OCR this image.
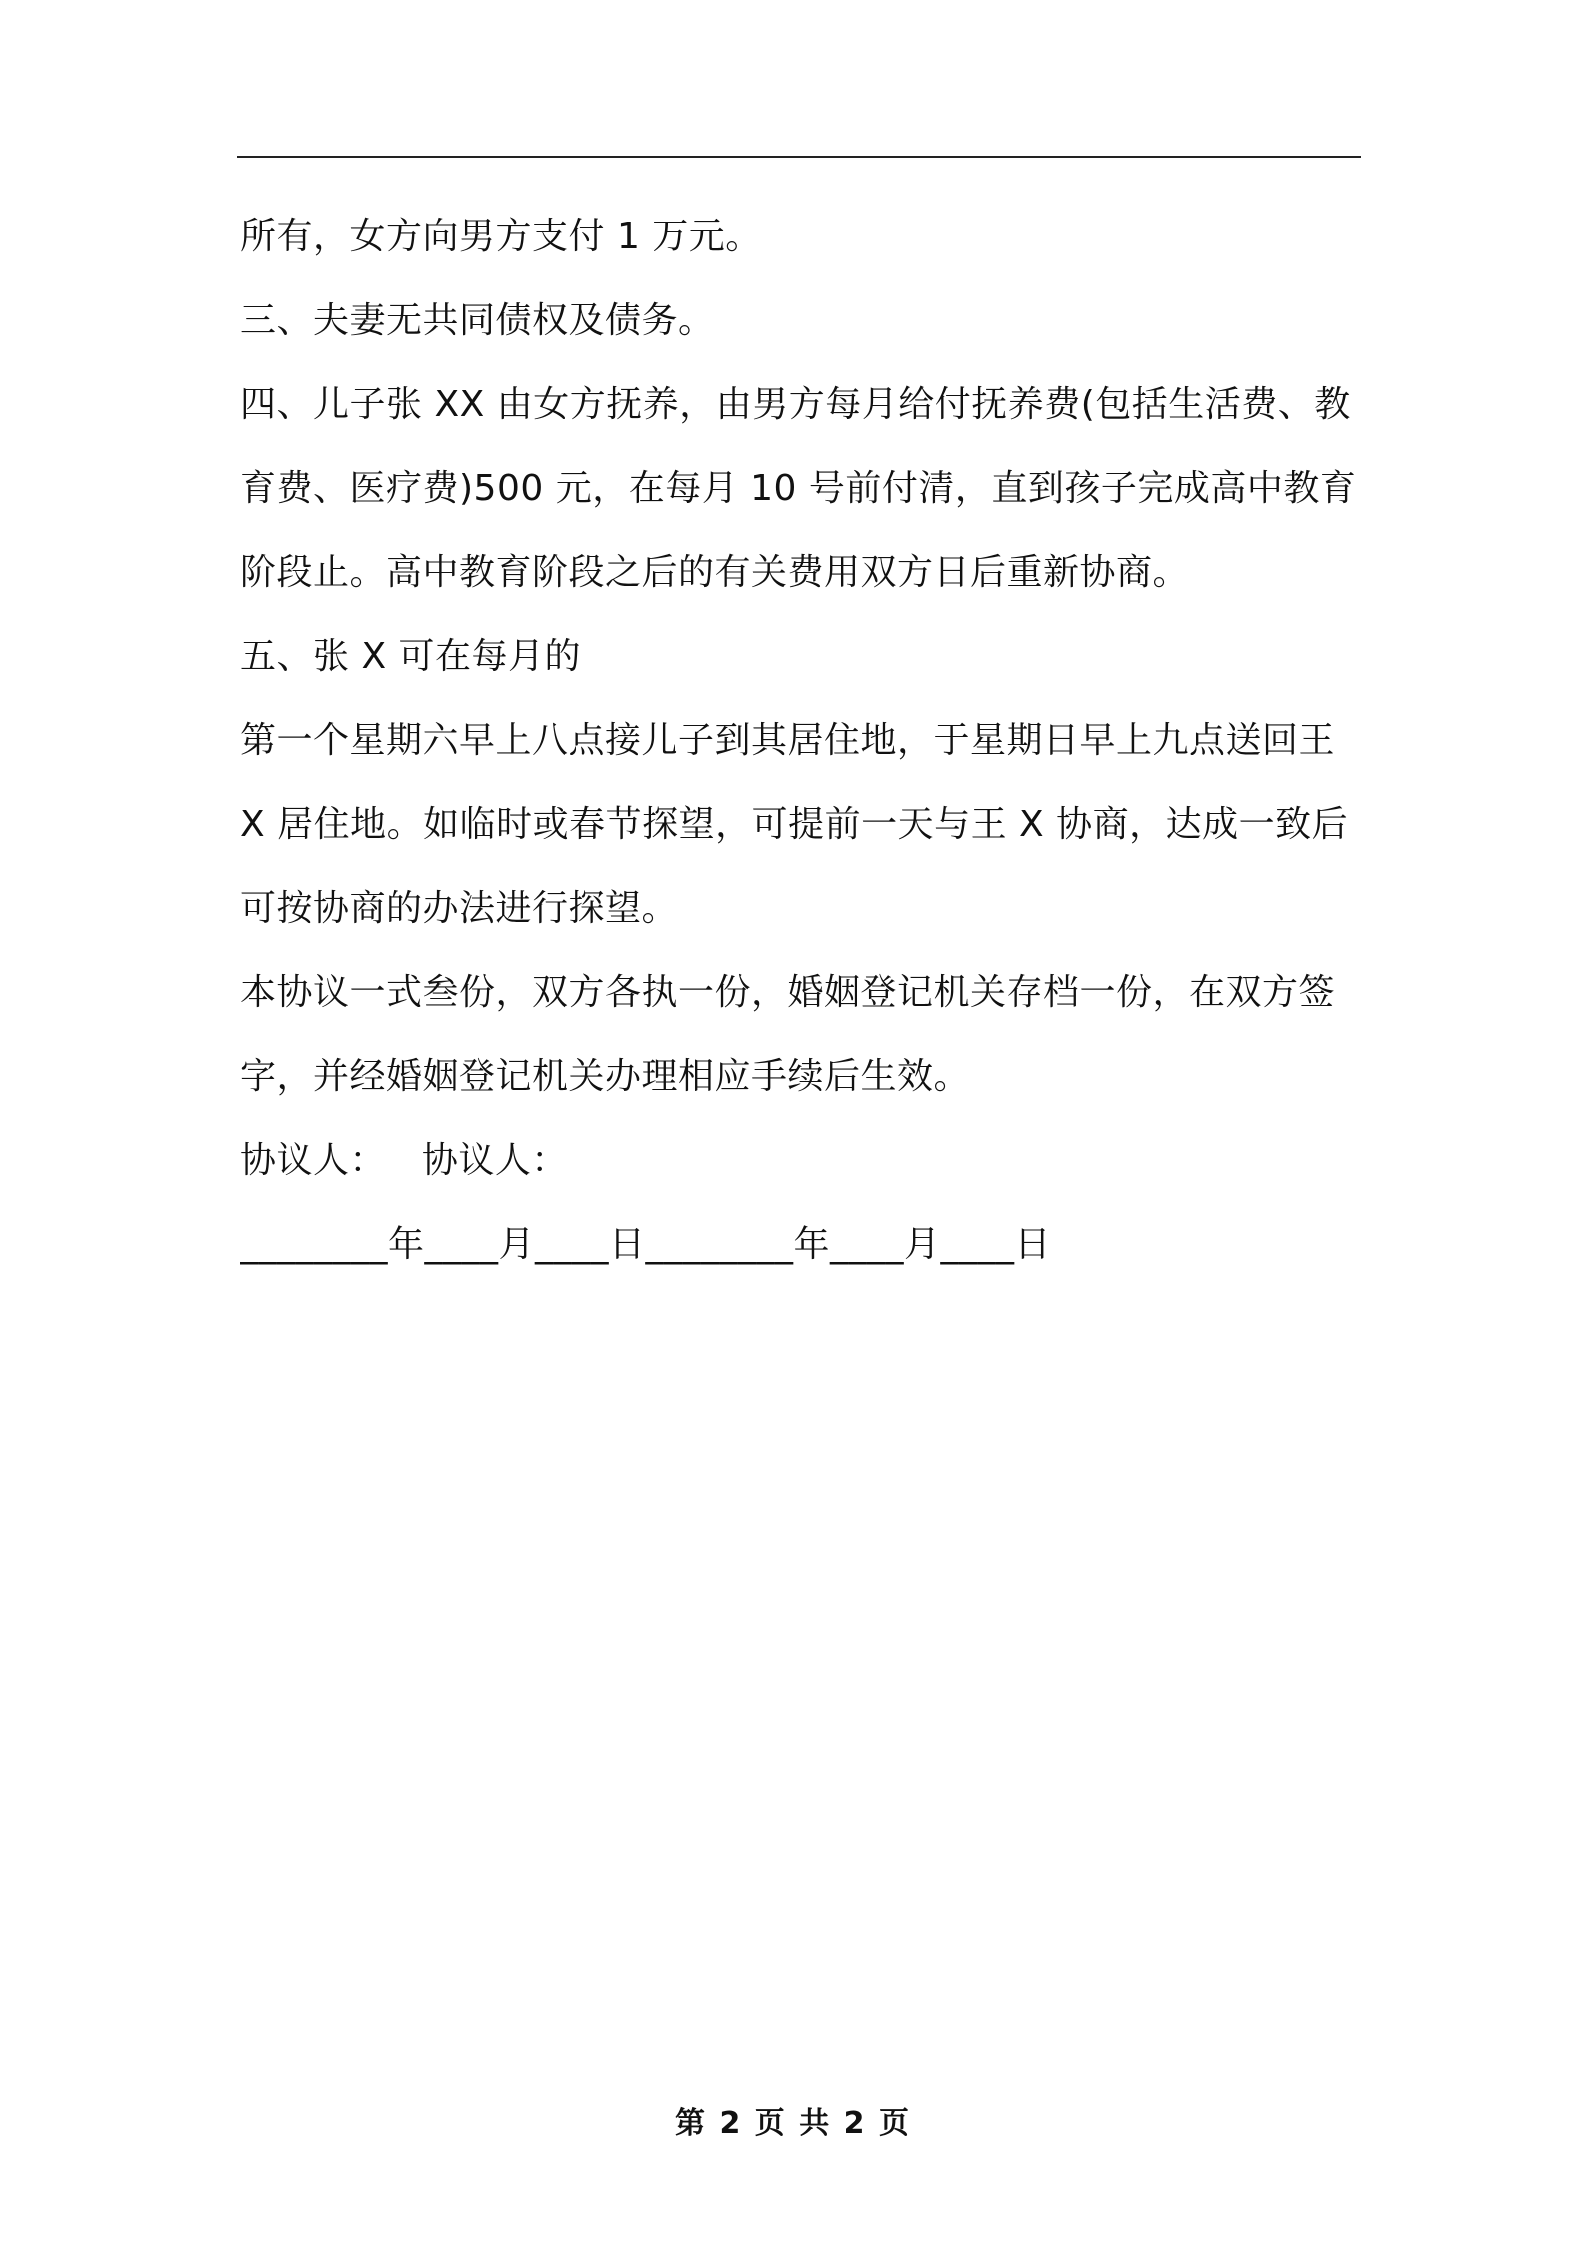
所有，女方向男方支付 1 万元。
三、夫妻无共同债权及债务。
四、儿子张 XX 由女方抚养，由男方每月给付抚养费(包括生活费、教
育费、医疗费)500 元，在每月 10 号前付清，直到孩子完成高中教育
阶段止。高中教育阶段之后的有关费用双方日后重新协商。
五、张 X 可在每月的
第一个星期六早上八点接儿子到其居住地，于星期日早上九点送回王
X 居住地。如临时或春节探望，可提前一天与王 X 协商，达成一致后
可按协商的办法进行探望。
本协议一式叁份，双方各执一份，婚姻登记机关存档一份，在双方签
字，并经婚姻登记机关办理相应手续后生效。
协议人：   协议人：
________年____月____日________年____月____日
第 2 页 共 2 页
